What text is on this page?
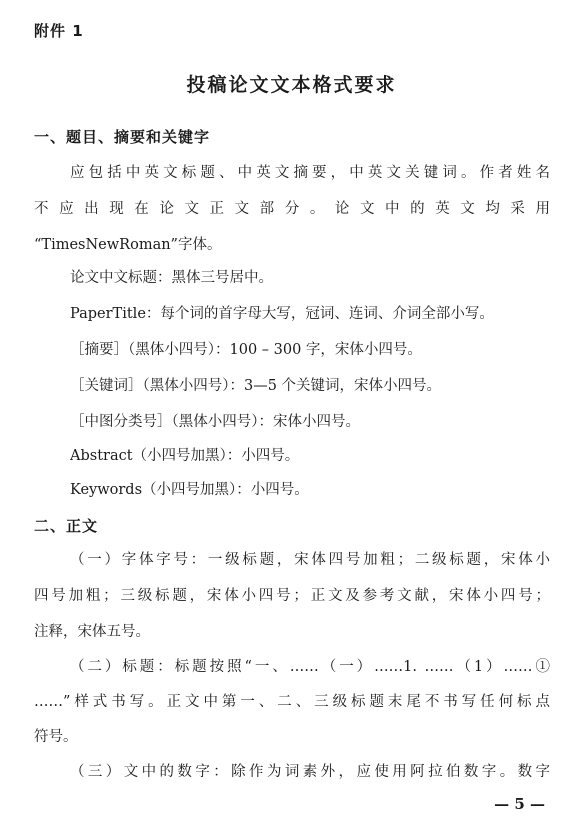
附件 1
投稿论文文本格式要求
一、题目、摘要和关键字
应包括中英文标题、中英文摘要，中英文关键词。作者姓名
不应出现在论文正文部分。论文中的英文均采用
“TimesNewRoman”字体。
论文中文标题：黑体三号居中。
PaperTitle：每个词的首字母大写，冠词、连词、介词全部小写。
［摘要］（黑体小四号）：100 – 300 字，宋体小四号。
［关键词］（黑体小四号）：3—5 个关键词，宋体小四号。
［中图分类号］（黑体小四号）：宋体小四号。
Abstract（小四号加黑）：小四号。
Keywords（小四号加黑）：小四号。
二、正文
（一）字体字号：一级标题，宋体四号加粗；二级标题，宋体小
四号加粗；三级标题，宋体小四号；正文及参考文献，宋体小四号；
注释，宋体五号。
（二）标题：标题按照“一、……（一）……1. ……（1）……①
……”样式书写。正文中第一、二、三级标题末尾不书写任何标点
符号。
（三）文中的数字：除作为词素外，应使用阿拉伯数字。数字
— 5 —
